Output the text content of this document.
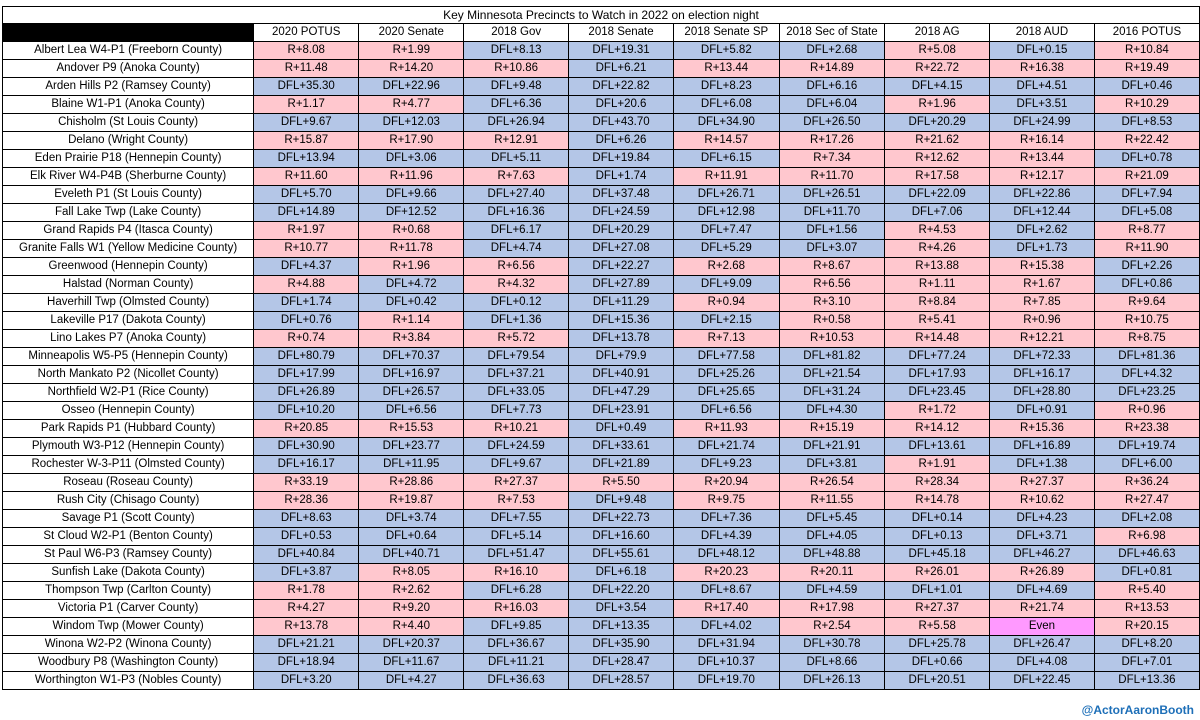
Key Minnesota Precincts to Watch in 2022 on election night									
	2020 POTUS	2020 Senate	2018 Gov	2018 Senate	2018 Senate SP	2018 Sec of State	2018 AG	2018 AUD	2016 POTUS
Albert Lea W4-P1 (Freeborn County)	R+8.08	R+1.99	DFL+8.13	DFL+19.31	DFL+5.82	DFL+2.68	R+5.08	DFL+0.15	R+10.84
Andover P9 (Anoka County)	R+11.48	R+14.20	R+10.86	DFL+6.21	R+13.44	R+14.89	R+22.72	R+16.38	R+19.49
Arden Hills P2 (Ramsey County)	DFL+35.30	DFL+22.96	DFL+9.48	DFL+22.82	DFL+8.23	DFL+6.16	DFL+4.15	DFL+4.51	DFL+0.46
Blaine W1-P1 (Anoka County)	R+1.17	R+4.77	DFL+6.36	DFL+20.6	DFL+6.08	DFL+6.04	R+1.96	DFL+3.51	R+10.29
Chisholm (St Louis County)	DFL+9.67	DFL+12.03	DFL+26.94	DFL+43.70	DFL+34.90	DFL+26.50	DFL+20.29	DFL+24.99	DFL+8.53
Delano (Wright County)	R+15.87	R+17.90	R+12.91	DFL+6.26	R+14.57	R+17.26	R+21.62	R+16.14	R+22.42
Eden Prairie P18 (Hennepin County)	DFL+13.94	DFL+3.06	DFL+5.11	DFL+19.84	DFL+6.15	R+7.34	R+12.62	R+13.44	DFL+0.78
Elk River W4-P4B (Sherburne County)	R+11.60	R+11.96	R+7.63	DFL+1.74	R+11.91	R+11.70	R+17.58	R+12.17	R+21.09
Eveleth P1 (St Louis County)	DFL+5.70	DFL+9.66	DFL+27.40	DFL+37.48	DFL+26.71	DFL+26.51	DFL+22.09	DFL+22.86	DFL+7.94
Fall Lake Twp (Lake County)	DFL+14.89	DF+12.52	DFL+16.36	DFL+24.59	DFL+12.98	DFL+11.70	DFL+7.06	DFL+12.44	DFL+5.08
Grand Rapids P4 (Itasca County)	R+1.97	R+0.68	DFL+6.17	DFL+20.29	DFL+7.47	DFL+1.56	R+4.53	DFL+2.62	R+8.77
Granite Falls W1 (Yellow Medicine County)	R+10.77	R+11.78	DFL+4.74	DFL+27.08	DFL+5.29	DFL+3.07	R+4.26	DFL+1.73	R+11.90
Greenwood (Hennepin County)	DFL+4.37	R+1.96	R+6.56	DFL+22.27	R+2.68	R+8.67	R+13.88	R+15.38	DFL+2.26
Halstad (Norman County)	R+4.88	DFL+4.72	R+4.32	DFL+27.89	DFL+9.09	R+6.56	R+1.11	R+1.67	DFL+0.86
Haverhill Twp (Olmsted County)	DFL+1.74	DFL+0.42	DFL+0.12	DFL+11.29	R+0.94	R+3.10	R+8.84	R+7.85	R+9.64
Lakeville P17 (Dakota County)	DFL+0.76	R+1.14	DFL+1.36	DFL+15.36	DFL+2.15	R+0.58	R+5.41	R+0.96	R+10.75
Lino Lakes P7 (Anoka County)	R+0.74	R+3.84	R+5.72	DFL+13.78	R+7.13	R+10.53	R+14.48	R+12.21	R+8.75
Minneapolis W5-P5 (Hennepin County)	DFL+80.79	DFL+70.37	DFL+79.54	DFL+79.9	DFL+77.58	DFL+81.82	DFL+77.24	DFL+72.33	DFL+81.36
North Mankato P2 (Nicollet County)	DFL+17.99	DFL+16.97	DFL+37.21	DFL+40.91	DFL+25.26	DFL+21.54	DFL+17.93	DFL+16.17	DFL+4.32
Northfield W2-P1 (Rice County)	DFL+26.89	DFL+26.57	DFL+33.05	DFL+47.29	DFL+25.65	DFL+31.24	DFL+23.45	DFL+28.80	DFL+23.25
Osseo (Hennepin County)	DFL+10.20	DFL+6.56	DFL+7.73	DFL+23.91	DFL+6.56	DFL+4.30	R+1.72	DFL+0.91	R+0.96
Park Rapids P1 (Hubbard County)	R+20.85	R+15.53	R+10.21	DFL+0.49	R+11.93	R+15.19	R+14.12	R+15.36	R+23.38
Plymouth W3-P12 (Hennepin County)	DFL+30.90	DFL+23.77	DFL+24.59	DFL+33.61	DFL+21.74	DFL+21.91	DFL+13.61	DFL+16.89	DFL+19.74
Rochester W-3-P11 (Olmsted County)	DFL+16.17	DFL+11.95	DFL+9.67	DFL+21.89	DFL+9.23	DFL+3.81	R+1.91	DFL+1.38	DFL+6.00
Roseau (Roseau County)	R+33.19	R+28.86	R+27.37	R+5.50	R+20.94	R+26.54	R+28.34	R+27.37	R+36.24
Rush City (Chisago County)	R+28.36	R+19.87	R+7.53	DFL+9.48	R+9.75	R+11.55	R+14.78	R+10.62	R+27.47
Savage P1 (Scott County)	DFL+8.63	DFL+3.74	DFL+7.55	DFL+22.73	DFL+7.36	DFL+5.45	DFL+0.14	DFL+4.23	DFL+2.08
St Cloud W2-P1 (Benton County)	DFL+0.53	DFL+0.64	DFL+5.14	DFL+16.60	DFL+4.39	DFL+4.05	DFL+0.13	DFL+3.71	R+6.98
St Paul W6-P3 (Ramsey County)	DFL+40.84	DFL+40.71	DFL+51.47	DFL+55.61	DFL+48.12	DFL+48.88	DFL+45.18	DFL+46.27	DFL+46.63
Sunfish Lake (Dakota County)	DFL+3.87	R+8.05	R+16.10	DFL+6.18	R+20.23	R+20.11	R+26.01	R+26.89	DFL+0.81
Thompson Twp (Carlton County)	R+1.78	R+2.62	DFL+6.28	DFL+22.20	DFL+8.67	DFL+4.59	DFL+1.01	DFL+4.69	R+5.40
Victoria P1 (Carver County)	R+4.27	R+9.20	R+16.03	DFL+3.54	R+17.40	R+17.98	R+27.37	R+21.74	R+13.53
Windom Twp (Mower County)	R+13.78	R+4.40	DFL+9.85	DFL+13.35	DFL+4.02	R+2.54	R+5.58	Even	R+20.15
Winona W2-P2 (Winona County)	DFL+21.21	DFL+20.37	DFL+36.67	DFL+35.90	DFL+31.94	DFL+30.78	DFL+25.78	DFL+26.47	DFL+8.20
Woodbury P8 (Washington County)	DFL+18.94	DFL+11.67	DFL+11.21	DFL+28.47	DFL+10.37	DFL+8.66	DFL+0.66	DFL+4.08	DFL+7.01
Worthington W1-P3 (Nobles County)	DFL+3.20	DFL+4.27	DFL+36.63	DFL+28.57	DFL+19.70	DFL+26.13	DFL+20.51	DFL+22.45	DFL+13.36
@ActorAaronBooth
